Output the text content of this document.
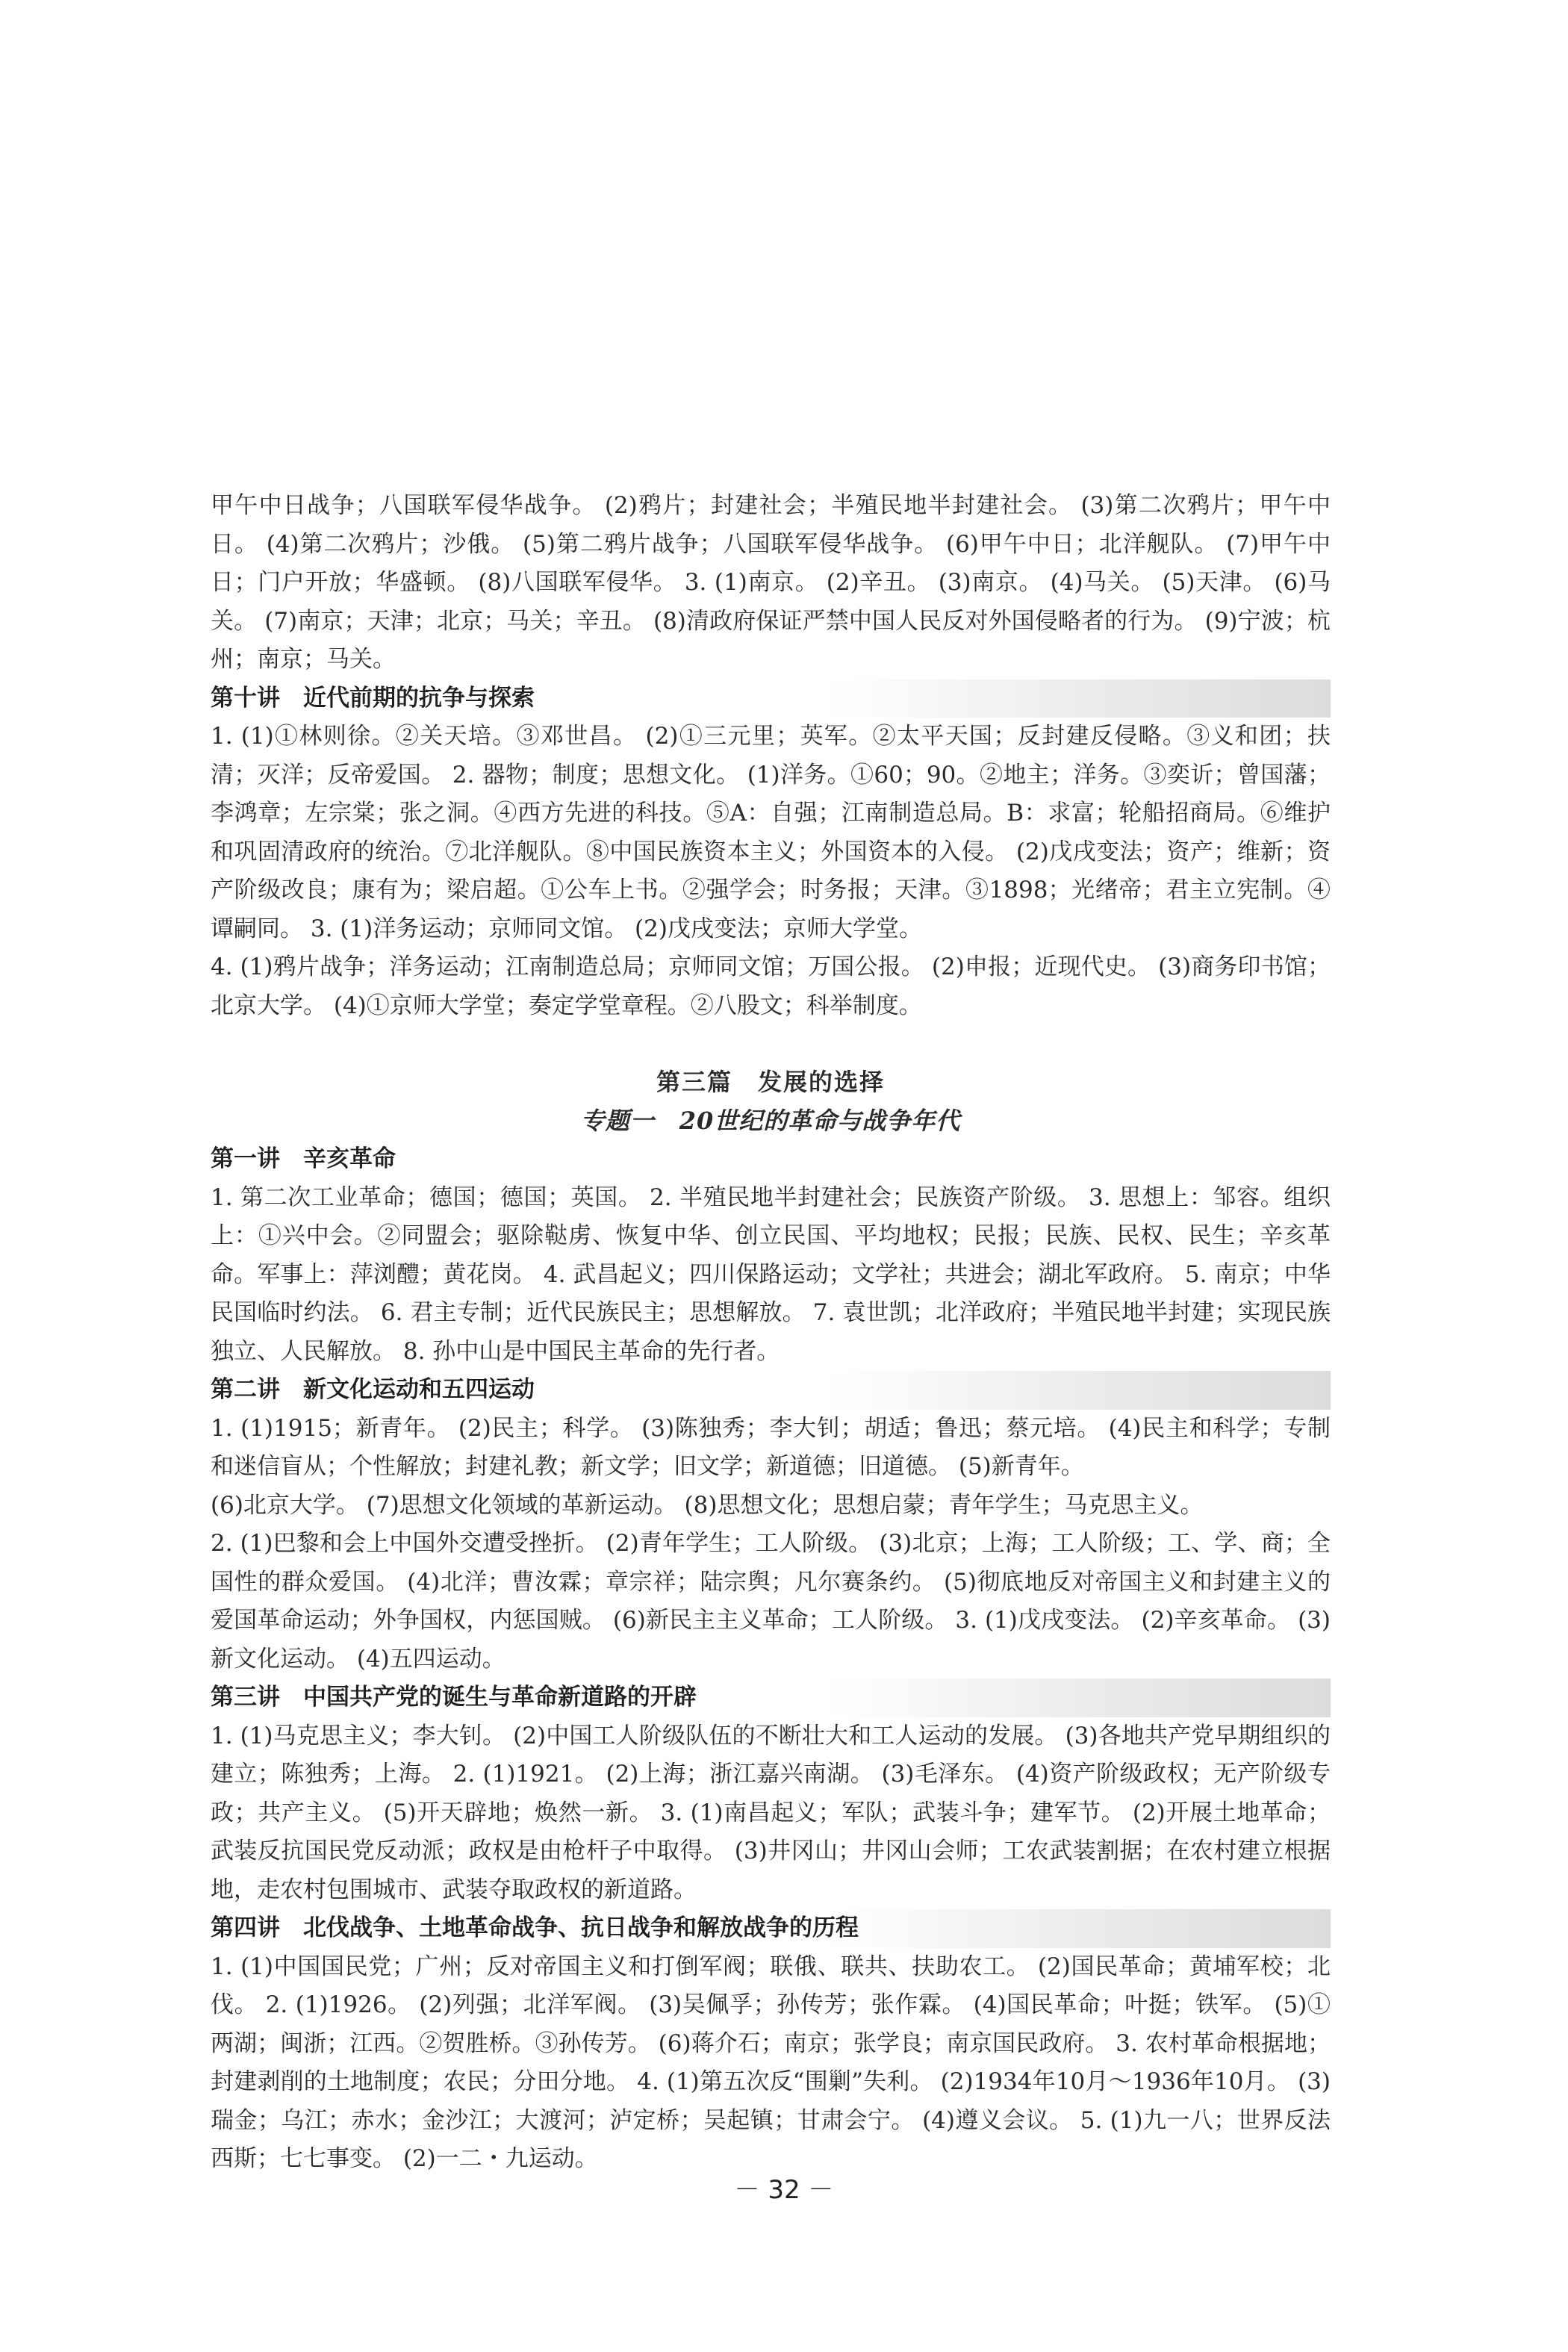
甲午中日战争；八国联军侵华战争。 (2)鸦片；封建社会；半殖民地半封建社会。 (3)第二次鸦片；甲午中日。 (4)第二次鸦片；沙俄。 (5)第二鸦片战争；八国联军侵华战争。 (6)甲午中日；北洋舰队。 (7)甲午中日；门户开放；华盛顿。 (8)八国联军侵华。 3. (1)南京。 (2)辛丑。 (3)南京。 (4)马关。 (5)天津。 (6)马关。 (7)南京；天津；北京；马关；辛丑。 (8)清政府保证严禁中国人民反对外国侵略者的行为。 (9)宁波；杭州；南京；马关。

第十讲　近代前期的抗争与探索

1. (1)①林则徐。②关天培。③邓世昌。 (2)①三元里；英军。②太平天国；反封建反侵略。③义和团；扶清；灭洋；反帝爱国。 2. 器物；制度；思想文化。 (1)洋务。①60；90。②地主；洋务。③奕䜣；曾国藩；李鸿章；左宗棠；张之洞。④西方先进的科技。⑤A：自强；江南制造总局。B：求富；轮船招商局。⑥维护和巩固清政府的统治。⑦北洋舰队。⑧中国民族资本主义；外国资本的入侵。 (2)戊戌变法；资产；维新；资产阶级改良；康有为；梁启超。①公车上书。②强学会；时务报；天津。③1898；光绪帝；君主立宪制。④谭嗣同。 3. (1)洋务运动；京师同文馆。 (2)戊戌变法；京师大学堂。

4. (1)鸦片战争；洋务运动；江南制造总局；京师同文馆；万国公报。 (2)申报；近现代史。 (3)商务印书馆；北京大学。 (4)①京师大学堂；奏定学堂章程。②八股文；科举制度。

第三篇　发展的选择

专题一　20世纪的革命与战争年代

第一讲　辛亥革命

1. 第二次工业革命；德国；德国；英国。 2. 半殖民地半封建社会；民族资产阶级。 3. 思想上：邹容。组织上：①兴中会。②同盟会；驱除鞑虏、恢复中华、创立民国、平均地权；民报；民族、民权、民生；辛亥革命。军事上：萍浏醴；黄花岗。 4. 武昌起义；四川保路运动；文学社；共进会；湖北军政府。 5. 南京；中华民国临时约法。 6. 君主专制；近代民族民主；思想解放。 7. 袁世凯；北洋政府；半殖民地半封建；实现民族独立、人民解放。 8. 孙中山是中国民主革命的先行者。

第二讲　新文化运动和五四运动

1. (1)1915；新青年。 (2)民主；科学。 (3)陈独秀；李大钊；胡适；鲁迅；蔡元培。 (4)民主和科学；专制和迷信盲从；个性解放；封建礼教；新文学；旧文学；新道德；旧道德。 (5)新青年。

(6)北京大学。 (7)思想文化领域的革新运动。 (8)思想文化；思想启蒙；青年学生；马克思主义。

2. (1)巴黎和会上中国外交遭受挫折。 (2)青年学生；工人阶级。 (3)北京；上海；工人阶级；工、学、商；全国性的群众爱国。 (4)北洋；曹汝霖；章宗祥；陆宗舆；凡尔赛条约。 (5)彻底地反对帝国主义和封建主义的爱国革命运动；外争国权，内惩国贼。 (6)新民主主义革命；工人阶级。 3. (1)戊戌变法。 (2)辛亥革命。 (3)新文化运动。 (4)五四运动。

第三讲　中国共产党的诞生与革命新道路的开辟

1. (1)马克思主义；李大钊。 (2)中国工人阶级队伍的不断壮大和工人运动的发展。 (3)各地共产党早期组织的建立；陈独秀；上海。 2. (1)1921。 (2)上海；浙江嘉兴南湖。 (3)毛泽东。 (4)资产阶级政权；无产阶级专政；共产主义。 (5)开天辟地；焕然一新。 3. (1)南昌起义；军队；武装斗争；建军节。 (2)开展土地革命；武装反抗国民党反动派；政权是由枪杆子中取得。 (3)井冈山；井冈山会师；工农武装割据；在农村建立根据地，走农村包围城市、武装夺取政权的新道路。

第四讲　北伐战争、土地革命战争、抗日战争和解放战争的历程

1. (1)中国国民党；广州；反对帝国主义和打倒军阀；联俄、联共、扶助农工。 (2)国民革命；黄埔军校；北伐。 2. (1)1926。 (2)列强；北洋军阀。 (3)吴佩孚；孙传芳；张作霖。 (4)国民革命；叶挺；铁军。 (5)①两湖；闽浙；江西。②贺胜桥。③孙传芳。 (6)蒋介石；南京；张学良；南京国民政府。 3. 农村革命根据地；封建剥削的土地制度；农民；分田分地。 4. (1)第五次反“围剿”失利。 (2)1934年10月～1936年10月。 (3)瑞金；乌江；赤水；金沙江；大渡河；泸定桥；吴起镇；甘肃会宁。 (4)遵义会议。 5. (1)九一八；世界反法西斯；七七事变。 (2)一二・九运动。

－ 32 －
